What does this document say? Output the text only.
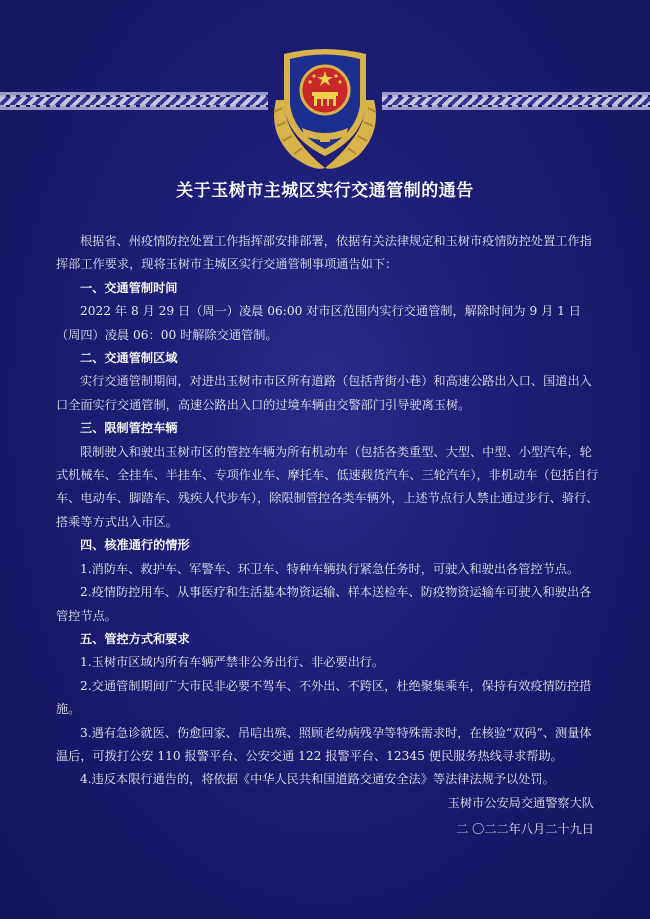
关于玉树市主城区实行交通管制的通告

根据省、州疫情防控处置工作指挥部安排部署，依据有关法律规定和玉树市疫情防控处置工作指挥部工作要求，现将玉树市主城区实行交通管制事项通告如下：

一、交通管制时间

2022 年 8 月 29 日（周一）凌晨 06:00 对市区范围内实行交通管制，解除时间为 9 月 1 日（周四）凌晨 06：00 时解除交通管制。

二、交通管制区域

实行交通管制期间，对进出玉树市市区所有道路（包括背街小巷）和高速公路出入口、国道出入口全面实行交通管制，高速公路出入口的过境车辆由交警部门引导驶离玉树。

三、限制管控车辆

限制驶入和驶出玉树市区的管控车辆为所有机动车（包括各类重型、大型、中型、小型汽车，轮式机械车、全挂车、半挂车、专项作业车、摩托车、低速载货汽车、三轮汽车），非机动车（包括自行车、电动车、脚踏车、残疾人代步车），除限制管控各类车辆外，上述节点行人禁止通过步行、骑行、搭乘等方式出入市区。

四、核准通行的情形

1.消防车、救护车、军警车、环卫车、特种车辆执行紧急任务时，可驶入和驶出各管控节点。

2.疫情防控用车、从事医疗和生活基本物资运输、样本送检车、防疫物资运输车可驶入和驶出各管控节点。

五、管控方式和要求

1.玉树市区域内所有车辆严禁非公务出行、非必要出行。

2.交通管制期间广大市民非必要不驾车、不外出、不跨区，杜绝聚集乘车，保持有效疫情防控措施。

3.遇有急诊就医、伤愈回家、吊唁出殡、照顾老幼病残孕等特殊需求时，在核验“双码”、测量体温后，可拨打公安 110 报警平台、公安交通 122 报警平台、12345 便民服务热线寻求帮助。

4.违反本限行通告的，将依据《中华人民共和国道路交通安全法》等法律法规予以处罚。

玉树市公安局交通警察大队
二 〇二二年八月二十九日
